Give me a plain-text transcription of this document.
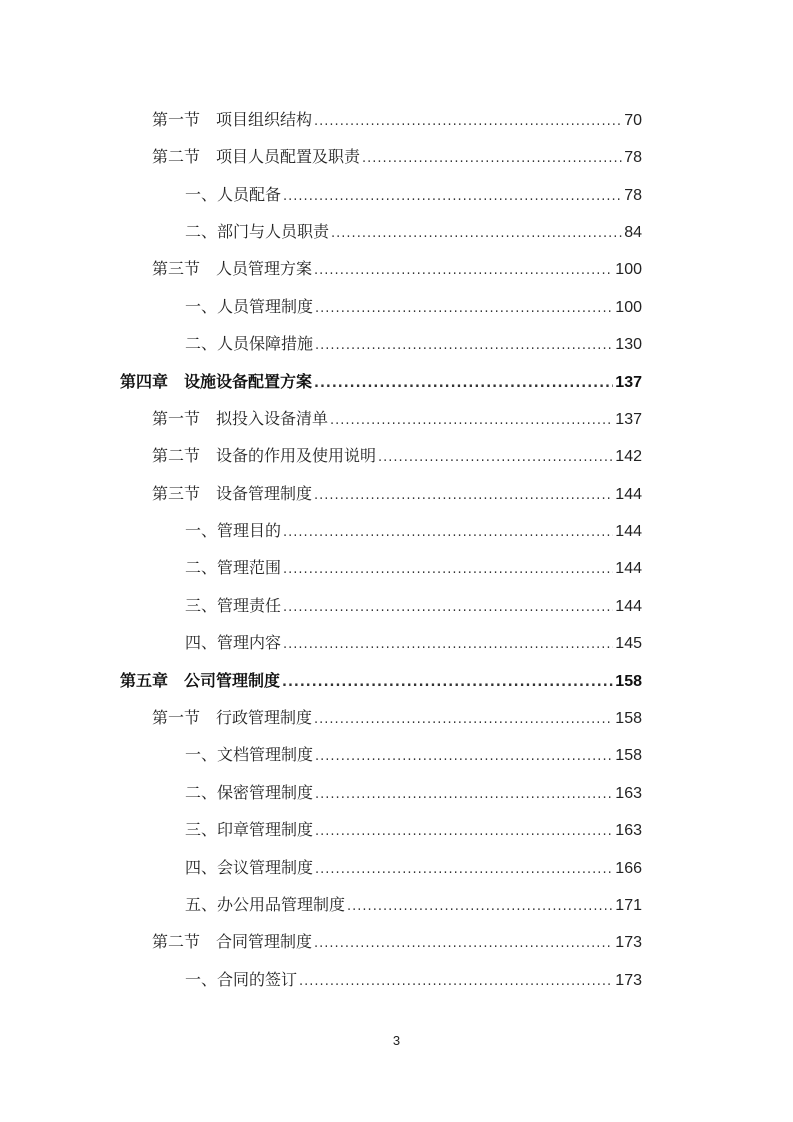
第一节 项目组织结构 .....	70
第二节 项目人员配置及职责 .....	78
一、人员配备 .....	78
二、部门与人员职责 .....	84
第三节 人员管理方案 .....	100
一、人员管理制度 .....	100
二、人员保障措施 .....	130
第四章 设施设备配置方案 .....	137
第一节 拟投入设备清单 .....	137
第二节 设备的作用及使用说明 .....	142
第三节 设备管理制度 .....	144
一、管理目的 .....	144
二、管理范围 .....	144
三、管理责任 .....	144
四、管理内容 .....	145
第五章 公司管理制度 .....	158
第一节 行政管理制度 .....	158
一、文档管理制度 .....	158
二、保密管理制度 .....	163
三、印章管理制度 .....	163
四、会议管理制度 .....	166
五、办公用品管理制度 .....	171
第二节 合同管理制度 .....	173
一、合同的签订 .....	173
3
